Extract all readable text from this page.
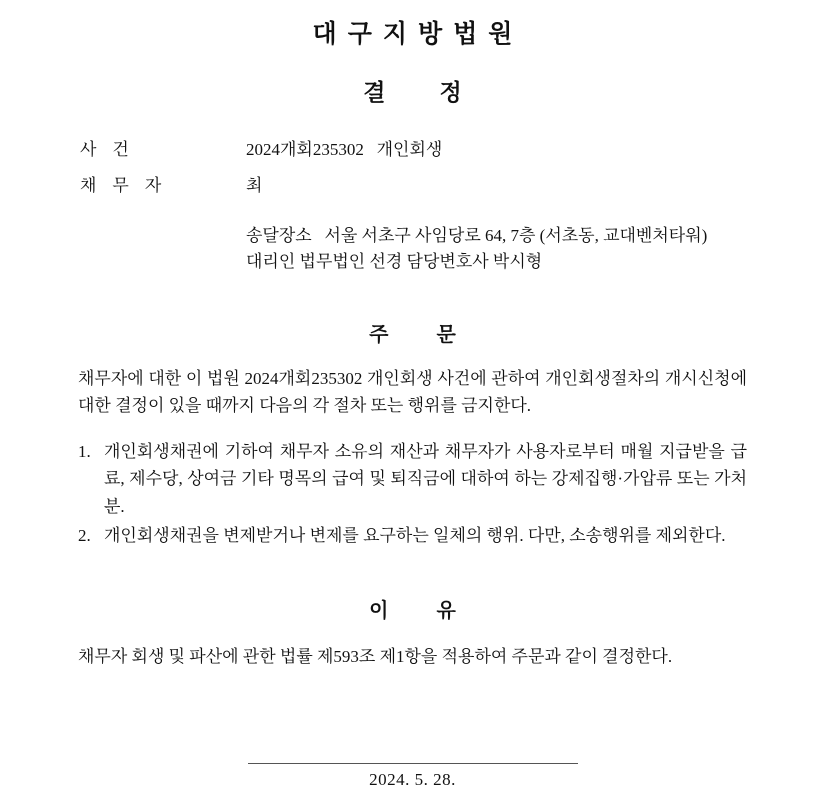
대구지방법원
결정
사건	2024개회235302   개인회생
채무자	최
송달장소   서울 서초구 사임당로 64, 7층 (서초동, 교대벤처타워)
대리인 법무법인 선경 담당변호사 박시형
주문
채무자에 대한 이 법원 2024개회235302 개인회생 사건에 관하여 개인회생절차의 개시신청에 대한 결정이 있을 때까지 다음의 각 절차 또는 행위를 금지한다.
1. 개인회생채권에 기하여 채무자 소유의 재산과 채무자가 사용자로부터 매월 지급받을 급료, 제수당, 상여금 기타 명목의 급여 및 퇴직금에 대하여 하는 강제집행·가압류 또는 가처분.
2. 개인회생채권을 변제받거나 변제를 요구하는 일체의 행위. 다만, 소송행위를 제외한다.
이유
채무자 회생 및 파산에 관한 법률 제593조 제1항을 적용하여 주문과 같이 결정한다.
2024. 5. 28.
